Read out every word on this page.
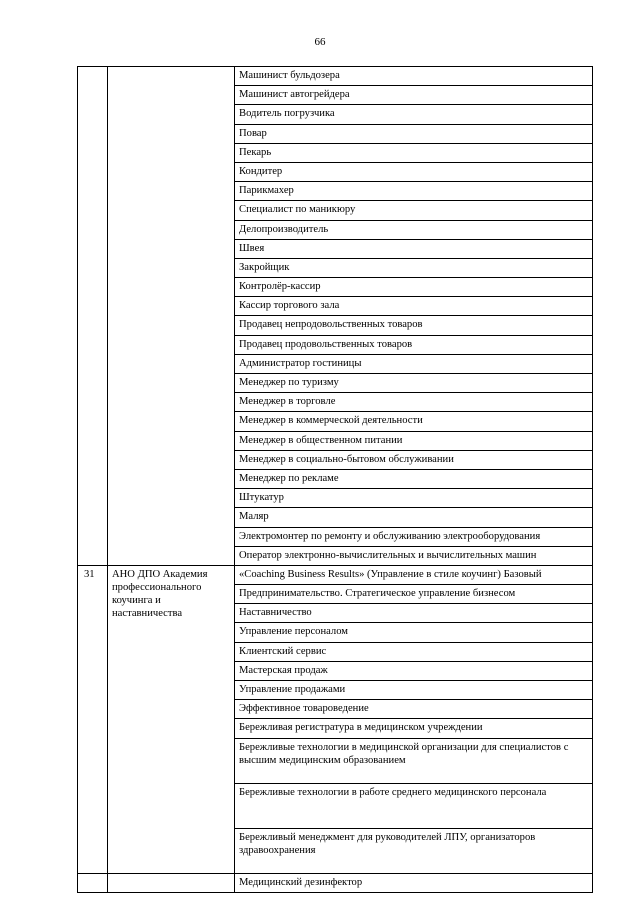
66
		Машинист бульдозера
		Машинист автогрейдера
		Водитель погрузчика
		Повар
		Пекарь
		Кондитер
		Парикмахер
		Специалист по маникюру
		Делопроизводитель
		Швея
		Закройщик
		Контролёр-кассир
		Кассир торгового зала
		Продавец непродовольственных товаров
		Продавец продовольственных товаров
		Администратор гостиницы
		Менеджер по туризму
		Менеджер в торговле
		Менеджер в коммерческой деятельности
		Менеджер в общественном питании
		Менеджер в социально-бытовом обслуживании
		Менеджер по рекламе
		Штукатур
		Маляр
		Электромонтер по ремонту и обслуживанию электрооборудования
		Оператор электронно-вычислительных и вычислительных машин
31	АНО ДПО Академия профессионального коучинга и наставничества	«Coaching Business Results» (Управление в стиле коучинг) Базовый
		Предпринимательство. Стратегическое управление бизнесом
		Наставничество
		Управление персоналом
		Клиентский сервис
		Мастерская продаж
		Управление продажами
		Эффективное товароведение
		Бережливая регистратура в медицинском учреждении
		Бережливые технологии в медицинской организации для специалистов с высшим медицинским образованием
		Бережливые технологии в работе среднего медицинского персонала
		Бережливый менеджмент для руководителей ЛПУ, организаторов здравоохранения
		Медицинский дезинфектор
